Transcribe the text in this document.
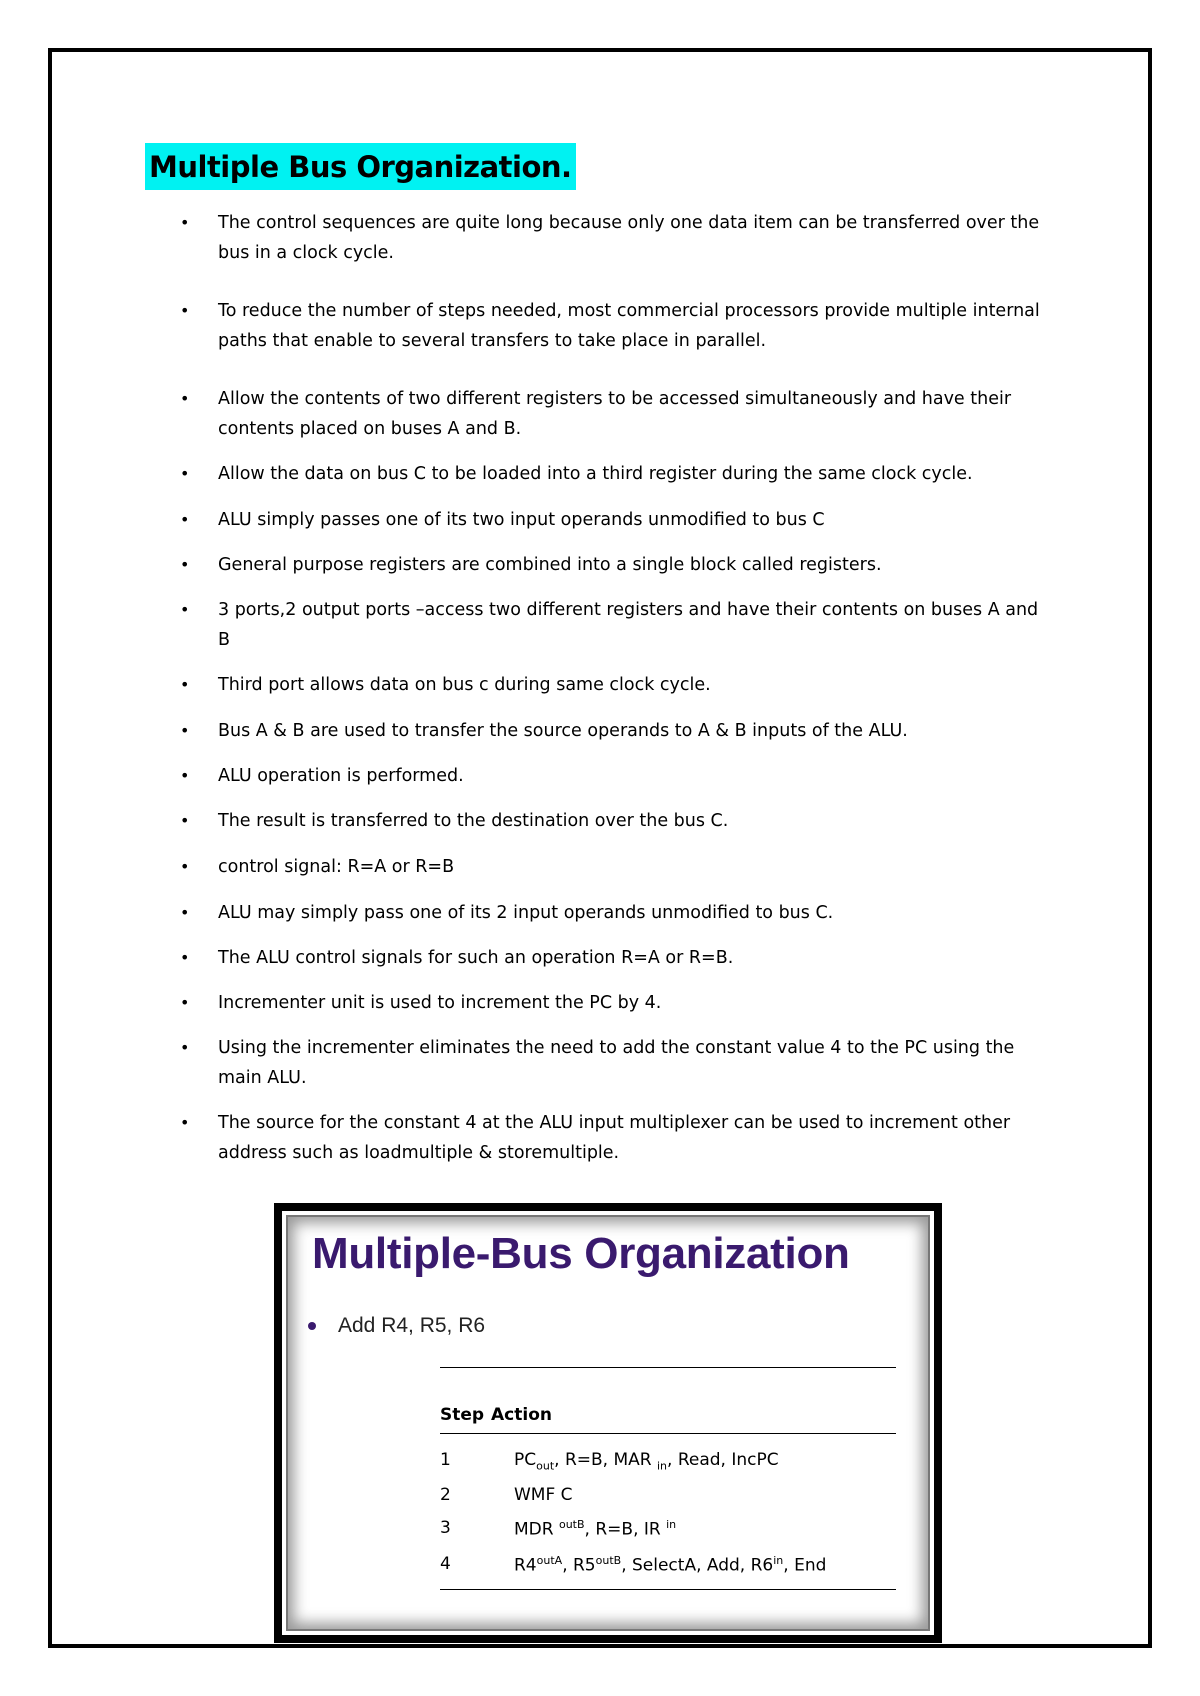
Multiple Bus Organization.
•	The control sequences are quite long because only one data item can be transferred over the bus in a clock cycle.
•	To reduce the number of steps needed, most commercial processors provide multiple internal paths that enable to several transfers to take place in parallel.
•	Allow the contents of two different registers to be accessed simultaneously and have their contents placed on buses A and B.
•	Allow the data on bus C to be loaded into a third register during the same clock cycle.
•	ALU simply passes one of its two input operands unmodified to bus C
•	General purpose registers are combined into a single block called registers.
•	3 ports,2 output ports –access two different registers and have their contents on buses A and B
•	Third port allows data on bus c during same clock cycle.
•	Bus A & B are used to transfer the source operands to A & B inputs of the ALU.
•	ALU operation is performed.
•	The result is transferred to the destination over the bus C.
•	control signal: R=A or R=B
•	ALU may simply pass one of its 2 input operands unmodified to bus C.
•	The ALU control signals for such an operation R=A or R=B.
•	Incrementer unit is used to increment the PC by 4.
•	Using the incrementer eliminates the need to add the constant value 4 to the PC using the main ALU.
•	The source for the constant 4 at the ALU input multiplexer can be used to increment other address such as loadmultiple & storemultiple.
Multiple-Bus Organization
Add R4, R5, R6
Step Action
1	$PC_{out}$, R=B, MAR $_{in}$, Read, IncPC
2	WMF C
3	MDR $^{outB}$, R=B, IR $^{in}$
4	$R4^{outA}$, $R5^{outB}$, SelectA, Add, $R6^{in}$, End
